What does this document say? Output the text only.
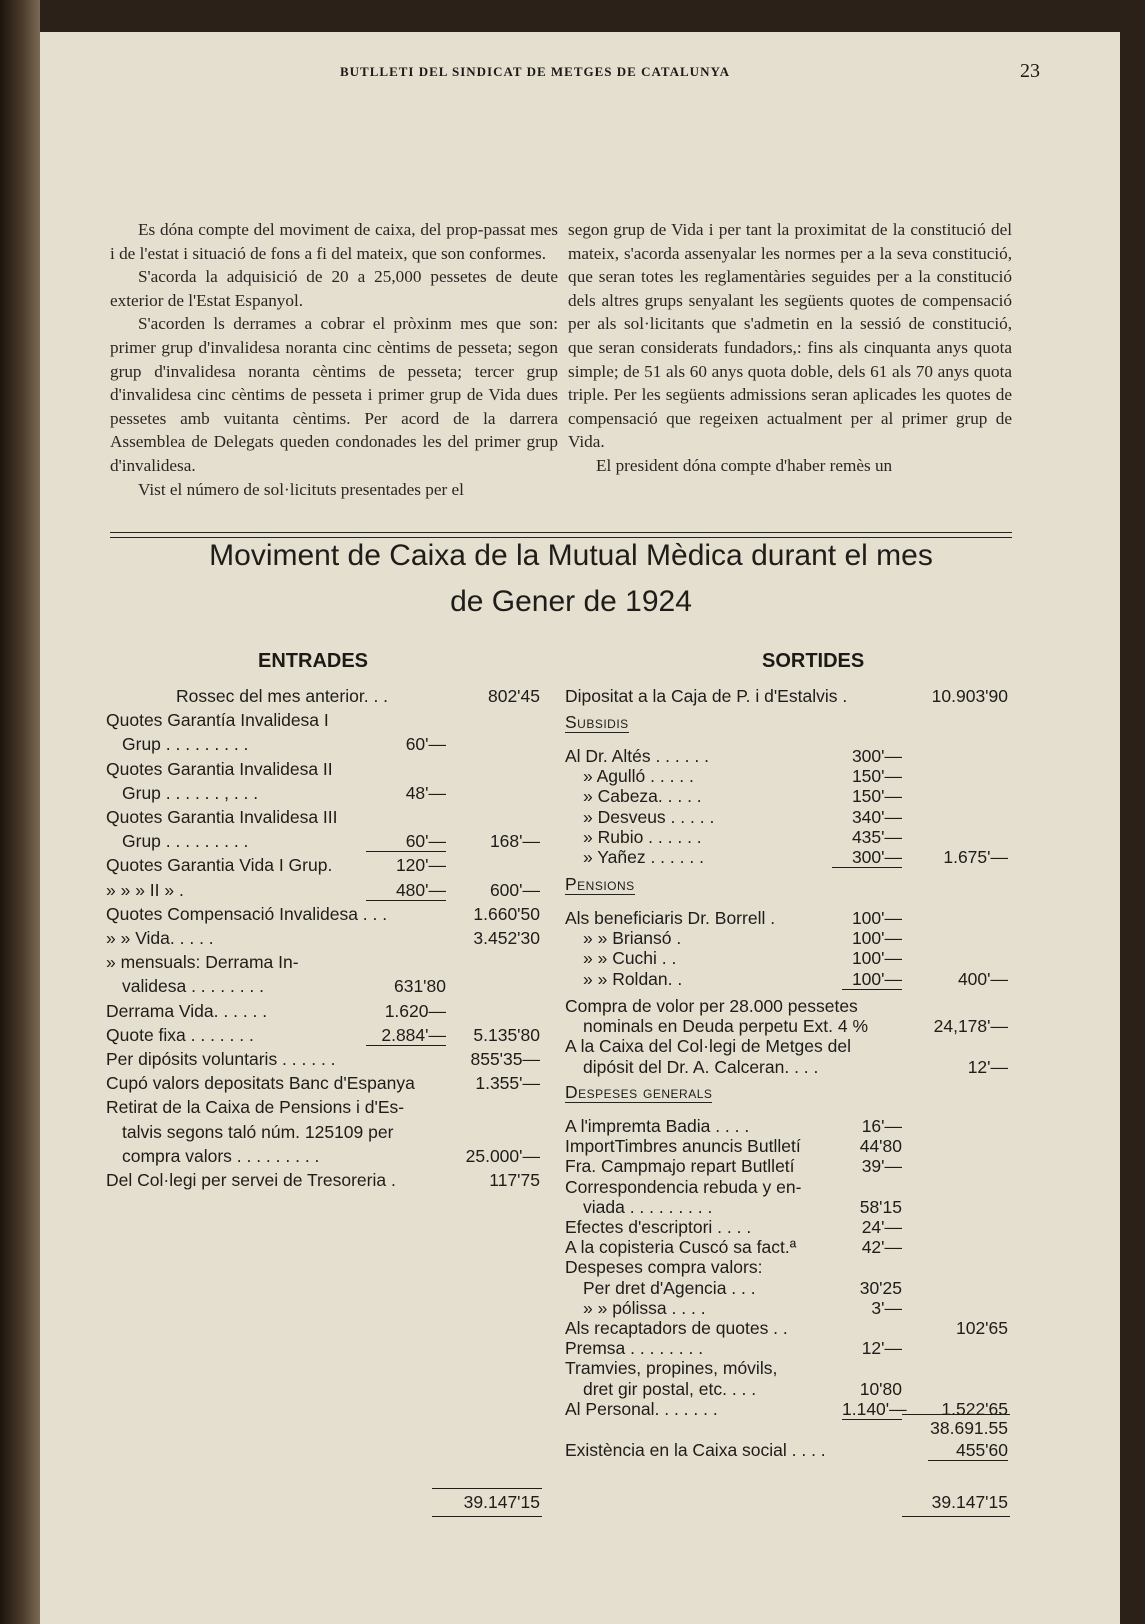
BUTLLETI DEL SINDICAT DE METGES DE CATALUNYA	23

Es dóna compte del moviment de caixa, del prop-passat mes i de l'estat i situació de fons a fi del mateix, que son conformes.

S'acorda la adquisició de 20 a 25,000 pessetes de deute exterior de l'Estat Espanyol.

S'acorden ls derrames a cobrar el pròxinm mes que son: primer grup d'invalidesa noranta cinc cèntims de pesseta; segon grup d'invalidesa noranta cèntims de pesseta; tercer grup d'invalidesa cinc cèntims de pesseta i primer grup de Vida dues pessetes amb vuitanta cèntims. Per acord de la darrera Assemblea de Delegats queden condonades les del primer grup d'invalidesa.

Vist el número de sol·licituts presentades per el

segon grup de Vida i per tant la proximitat de la constitució del mateix, s'acorda assenyalar les normes per a la seva constitució, que seran totes les reglamentàries seguides per a la constitució dels altres grups senyalant les següents quotes de compensació per als sol·licitants que s'admetin en la sessió de constitució, que seran considerats fundadors,: fins als cinquanta anys quota simple; de 51 als 60 anys quota doble, dels 61 als 70 anys quota triple. Per les següents admissions seran aplicades les quotes de compensació que regeixen actualment per al primer grup de Vida.

El president dóna compte d'haber remès un

Moviment de Caixa de la Mutual Mèdica durant el mes
de Gener de 1924
ENTRADES	SORTIDES
Rossec del mes anterior. . .	802'45
Quotes Garantía Invalidesa I
Grup . . . . . . . . .	60'—
Quotes Garantia Invalidesa II
Grup . . . . . . , . . .	48'—
Quotes Garantia Invalidesa III
Grup . . . . . . . . .	60'—	168'—
Quotes Garantia Vida I Grup.	120'—
» » » II » .	480'—	600'—
Quotes Compensació Invalidesa . . .	1.660'50
» » Vida. . . . .	3.452'30
» mensuals: Derrama In-
validesa . . . . . . . .	631'80
Derrama Vida. . . . . .	1.620—
Quote fixa . . . . . . .	2.884'—	5.135'80
Per dipósits voluntaris . . . . . .	855'35—
Cupó valors depositats Banc d'Espanya	1.355'—
Retirat de la Caixa de Pensions i d'Es-
talvis segons taló núm. 125109 per
compra valors . . . . . . . . .	25.000'—
Del Col·legi per servei de Tresoreria .	117'75
39.147'15
Dipositat a la Caja de P. i d'Estalvis .	10.903'90
Subsidis
Al Dr. Altés . . . . . .	300'—
» Agulló . . . . .	150'—
» Cabeza. . . . .	150'—
» Desveus . . . . .	340'—
» Rubio . . . . . .	435'—
» Yañez . . . . . .	300'—	1.675'—
Pensions
Als beneficiaris Dr. Borrell .	100'—
» » Briansó .	100'—
» » Cuchi . .	100'—
» » Roldan. .	100'—	400'—
Compra de volor per 28.000 pessetes
nominals en Deuda perpetu Ext. 4 %	24,178'—
A la Caixa del Col·legi de Metges del
dipósit del Dr. A. Calceran. . . .	12'—
Despeses generals
A l'impremta Badia . . . .	16'—
ImportTimbres anuncis Butlletí	44'80
Fra. Campmajo repart Butlletí	39'—
Correspondencia rebuda y en-
viada . . . . . . . . .	58'15
Efectes d'escriptori . . . .	24'—
A la copisteria Cuscó sa fact.ª	42'—
Despeses compra valors:
Per dret d'Agencia . . .	30'25
» » pólissa . . . .	3'—
Als recaptadors de quotes . .	102'65
Premsa . . . . . . . .	12'—
Tramvies, propines, móvils,
dret gir postal, etc. . . .	10'80
Al Personal. . . . . . .	1.140'—	1.522'65
38.691.55
Existència en la Caixa social . . . .	455'60
39.147'15
